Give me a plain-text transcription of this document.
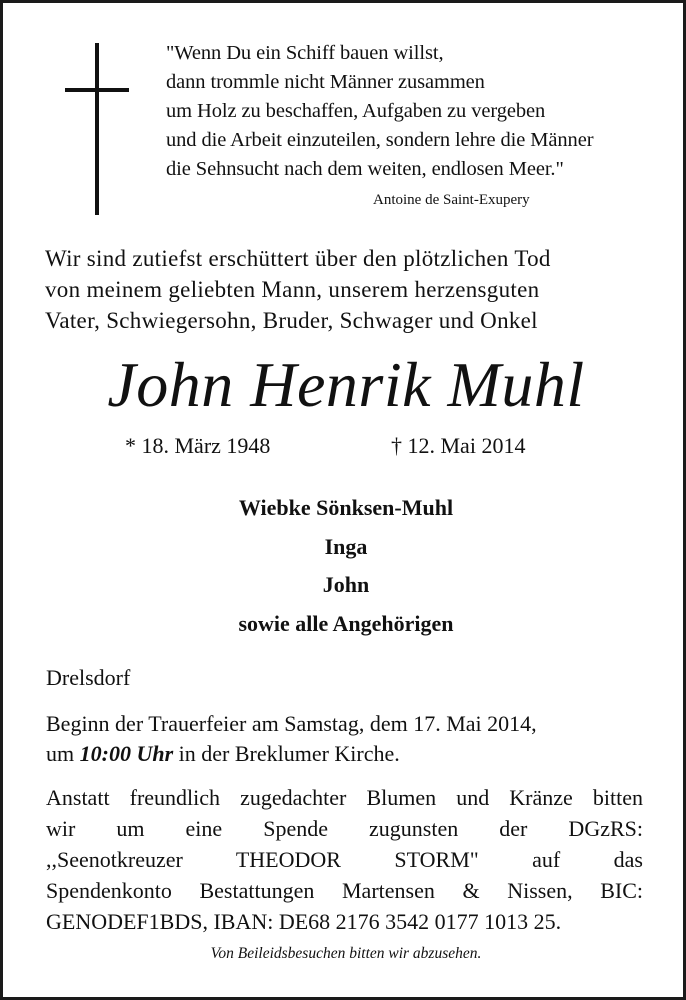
"Wenn Du ein Schiff bauen willst,
dann trommle nicht Männer zusammen
um Holz zu beschaffen, Aufgaben zu vergeben
und die Arbeit einzuteilen, sondern lehre die Männer
die Sehnsucht nach dem weiten, endlosen Meer."
Antoine de Saint-Exupery
Wir sind zutiefst erschüttert über den plötzlichen Tod
von meinem geliebten Mann, unserem herzensguten
Vater, Schwiegersohn, Bruder, Schwager und Onkel
John Henrik Muhl
* 18. März 1948	† 12. Mai 2014
Wiebke Sönksen-Muhl
Inga
John
sowie alle Angehörigen
Drelsdorf
Beginn der Trauerfeier am Samstag, dem 17. Mai 2014,
um 10:00 Uhr in der Breklumer Kirche.
Anstatt freundlich zugedachter Blumen und Kränze bitten
wir um eine Spende zugunsten der DGzRS:
,,Seenotkreuzer THEODOR STORM" auf das
Spendenkonto Bestattungen Martensen & Nissen, BIC:
GENODEF1BDS, IBAN: DE68 2176 3542 0177 1013 25.
Von Beileidsbesuchen bitten wir abzusehen.
